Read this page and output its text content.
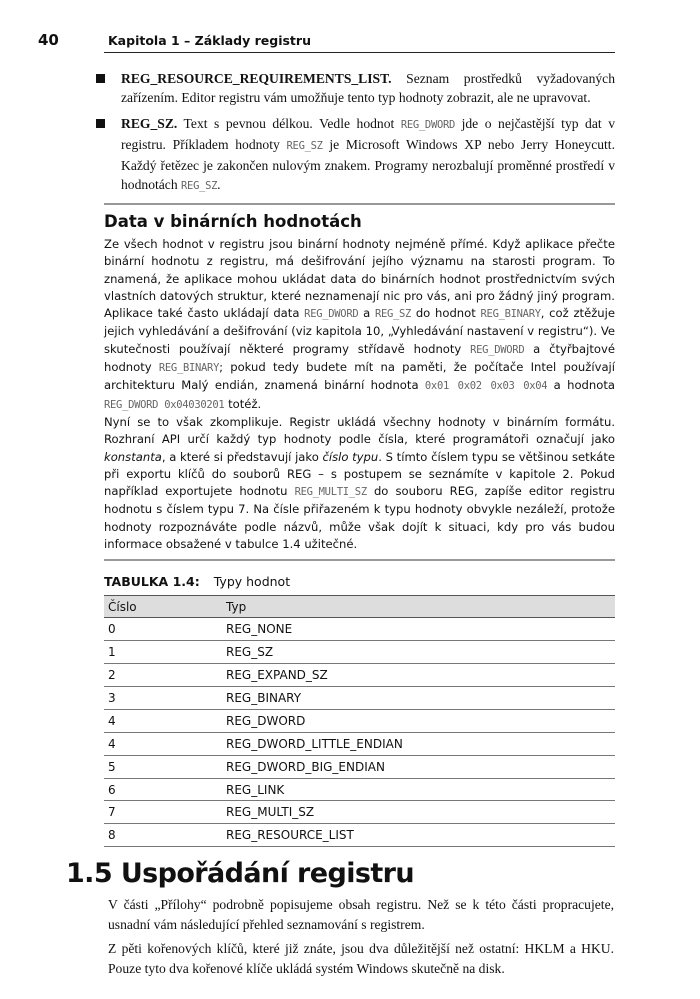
40	Kapitola 1 – Základy registru
REG_RESOURCE_REQUIREMENTS_LIST. Seznam prostředků vyžadovaných zařízením. Editor registru vám umožňuje tento typ hodnoty zobrazit, ale ne upravovat.
REG_SZ. Text s pevnou délkou. Vedle hodnot REG_DWORD jde o nejčastější typ dat v registru. Příkladem hodnoty REG_SZ je Microsoft Windows XP nebo Jerry Honeycutt. Každý řetězec je zakončen nulovým znakem. Programy nerozbalují proměnné prostředí v hodnotách REG_SZ.
Data v binárních hodnotách
Ze všech hodnot v registru jsou binární hodnoty nejméně přímé. Když aplikace přečte binární hodnotu z registru, má dešifrování jejího významu na starosti program. To znamená, že aplikace mohou ukládat data do binárních hodnot prostřednictvím svých vlastních datových struktur, které neznamenají nic pro vás, ani pro žádný jiný program. Aplikace také často ukládají data REG_DWORD a REG_SZ do hodnot REG_BINARY, což ztěžuje jejich vyhledávání a dešifrování (viz kapitola 10, „Vyhledávání nastavení v registru“). Ve skutečnosti používají některé programy střídavě hodnoty REG_DWORD a čtyřbajtové hodnoty REG_BINARY; pokud tedy budete mít na paměti, že počítače Intel používají architekturu Malý endián, znamená binární hodnota 0x01 0x02 0x03 0x04 a hodnota REG_DWORD 0x04030201 totéž.
Nyní se to však zkomplikuje. Registr ukládá všechny hodnoty v binárním formátu. Rozhraní API určí každý typ hodnoty podle čísla, které programátoři označují jako konstanta, a které si představují jako číslo typu. S tímto číslem typu se většinou setkáte při exportu klíčů do souborů REG – s postupem se seznámíte v kapitole 2. Pokud například exportujete hodnotu REG_MULTI_SZ do souboru REG, zapíše editor registru hodnotu s číslem typu 7. Na čísle přiřazeném k typu hodnoty obvykle nezáleží, protože hodnoty rozpoznáváte podle názvů, může však dojít k situaci, kdy pro vás budou informace obsažené v tabulce 1.4 užitečné.
TABULKA 1.4: Typy hodnot
Číslo	Typ
0	REG_NONE
1	REG_SZ
2	REG_EXPAND_SZ
3	REG_BINARY
4	REG_DWORD
4	REG_DWORD_LITTLE_ENDIAN
5	REG_DWORD_BIG_ENDIAN
6	REG_LINK
7	REG_MULTI_SZ
8	REG_RESOURCE_LIST
1.5 Uspořádání registru
V části „Přílohy“ podrobně popisujeme obsah registru. Než se k této části propracujete, usnadní vám následující přehled seznamování s registrem.
Z pěti kořenových klíčů, které již znáte, jsou dva důležitější než ostatní: HKLM a HKU. Pouze tyto dva kořenové klíče ukládá systém Windows skutečně na disk.
